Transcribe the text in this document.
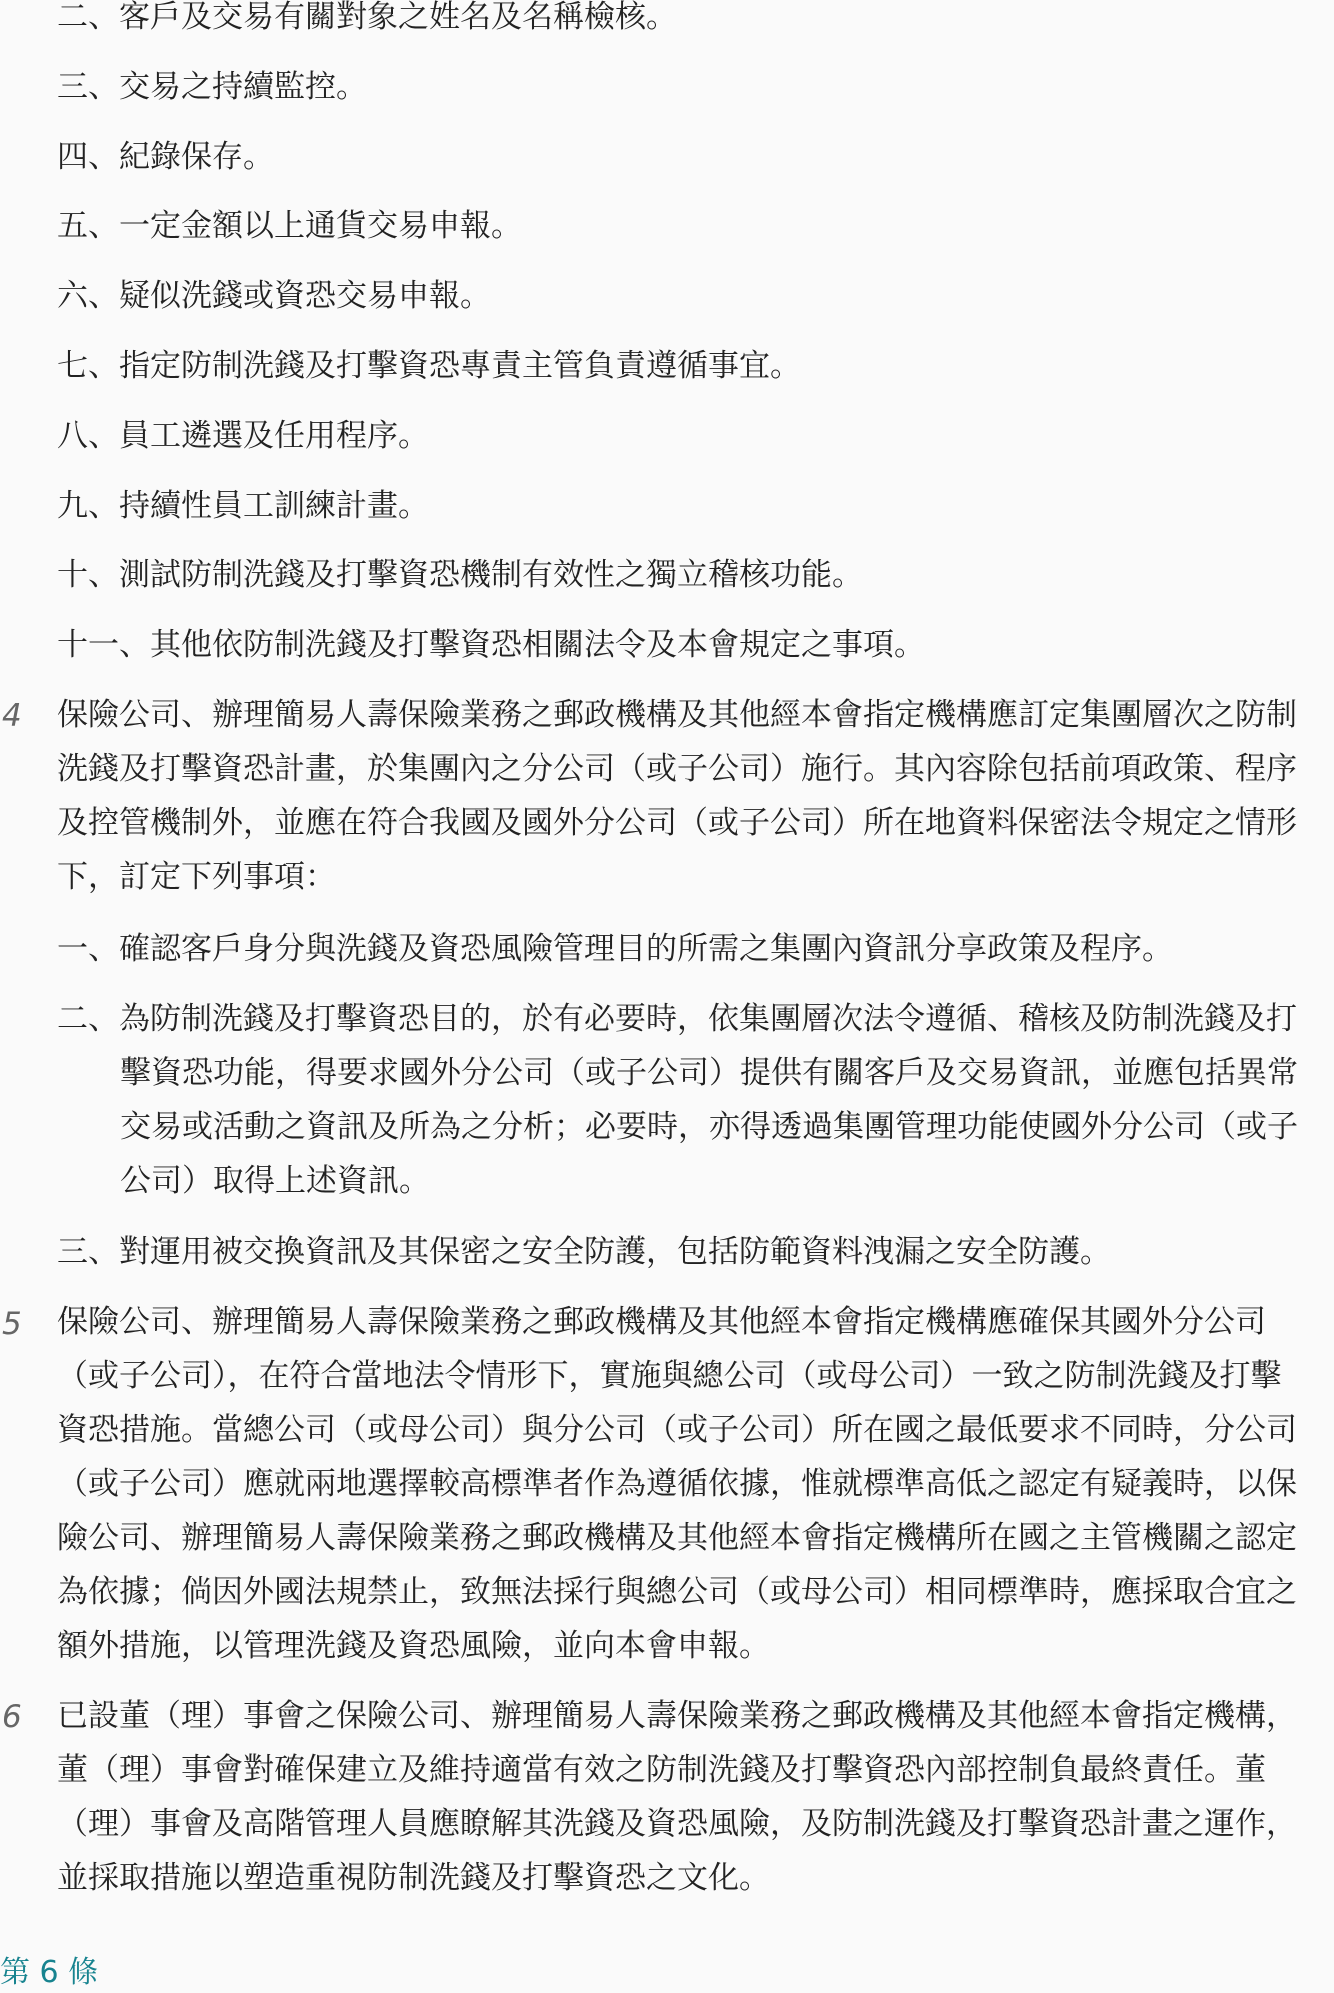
二、客戶及交易有關對象之姓名及名稱檢核。
三、交易之持續監控。
四、紀錄保存。
五、一定金額以上通貨交易申報。
六、疑似洗錢或資恐交易申報。
七、指定防制洗錢及打擊資恐專責主管負責遵循事宜。
八、員工遴選及任用程序。
九、持續性員工訓練計畫。
十、測試防制洗錢及打擊資恐機制有效性之獨立稽核功能。
十一、其他依防制洗錢及打擊資恐相關法令及本會規定之事項。
4 保險公司、辦理簡易人壽保險業務之郵政機構及其他經本會指定機構應訂定集團層次之防制
洗錢及打擊資恐計畫，於集團內之分公司（或子公司）施行。其內容除包括前項政策、程序
及控管機制外，並應在符合我國及國外分公司（或子公司）所在地資料保密法令規定之情形
下，訂定下列事項：
一、確認客戶身分與洗錢及資恐風險管理目的所需之集團內資訊分享政策及程序。
二、為防制洗錢及打擊資恐目的，於有必要時，依集團層次法令遵循、稽核及防制洗錢及打
擊資恐功能，得要求國外分公司（或子公司）提供有關客戶及交易資訊，並應包括異常
交易或活動之資訊及所為之分析；必要時，亦得透過集團管理功能使國外分公司（或子
公司）取得上述資訊。
三、對運用被交換資訊及其保密之安全防護，包括防範資料洩漏之安全防護。
5 保險公司、辦理簡易人壽保險業務之郵政機構及其他經本會指定機構應確保其國外分公司
（或子公司），在符合當地法令情形下，實施與總公司（或母公司）一致之防制洗錢及打擊
資恐措施。當總公司（或母公司）與分公司（或子公司）所在國之最低要求不同時，分公司
（或子公司）應就兩地選擇較高標準者作為遵循依據，惟就標準高低之認定有疑義時，以保
險公司、辦理簡易人壽保險業務之郵政機構及其他經本會指定機構所在國之主管機關之認定
為依據；倘因外國法規禁止，致無法採行與總公司（或母公司）相同標準時，應採取合宜之
額外措施，以管理洗錢及資恐風險，並向本會申報。
6 已設董（理）事會之保險公司、辦理簡易人壽保險業務之郵政機構及其他經本會指定機構，
董（理）事會對確保建立及維持適當有效之防制洗錢及打擊資恐內部控制負最終責任。董
（理）事會及高階管理人員應瞭解其洗錢及資恐風險，及防制洗錢及打擊資恐計畫之運作，
並採取措施以塑造重視防制洗錢及打擊資恐之文化。
第 6 條
